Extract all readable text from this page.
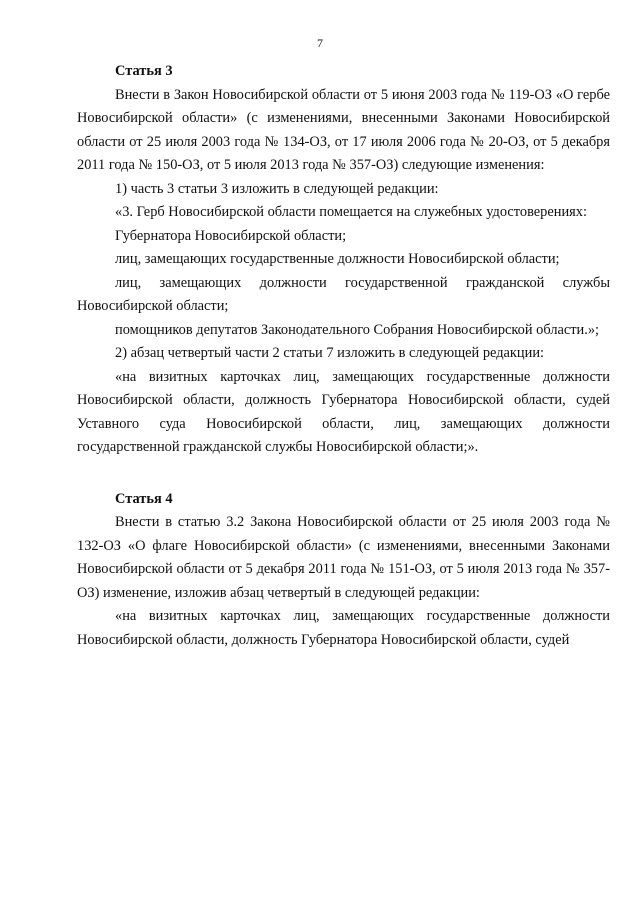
7

Статья 3

Внести в Закон Новосибирской области от 5 июня 2003 года № 119-ОЗ «О гербе Новосибирской области» (с изменениями, внесенными Законами Новосибирской области от 25 июля 2003 года № 134-ОЗ, от 17 июля 2006 года № 20-ОЗ, от 5 декабря 2011 года № 150-ОЗ, от 5 июля 2013 года № 357-ОЗ) следующие изменения:

1) часть 3 статьи 3 изложить в следующей редакции:

«3. Герб Новосибирской области помещается на служебных удостоверениях:

Губернатора Новосибирской области;

лиц, замещающих государственные должности Новосибирской области;

лиц, замещающих должности государственной гражданской службы Новосибирской области;

помощников депутатов Законодательного Собрания Новосибирской области.»;

2) абзац четвертый части 2 статьи 7 изложить в следующей редакции:

«на визитных карточках лиц, замещающих государственные должности Новосибирской области, должность Губернатора Новосибирской области, судей Уставного суда Новосибирской области, лиц, замещающих должности государственной гражданской службы Новосибирской области;».

Статья 4

Внести в статью 3.2 Закона Новосибирской области от 25 июля 2003 года № 132-ОЗ «О флаге Новосибирской области» (с изменениями, внесенными Законами Новосибирской области от 5 декабря 2011 года № 151-ОЗ, от 5 июля 2013 года № 357-ОЗ) изменение, изложив абзац четвертый в следующей редакции:

«на визитных карточках лиц, замещающих государственные должности Новосибирской области, должность Губернатора Новосибирской области, судей
